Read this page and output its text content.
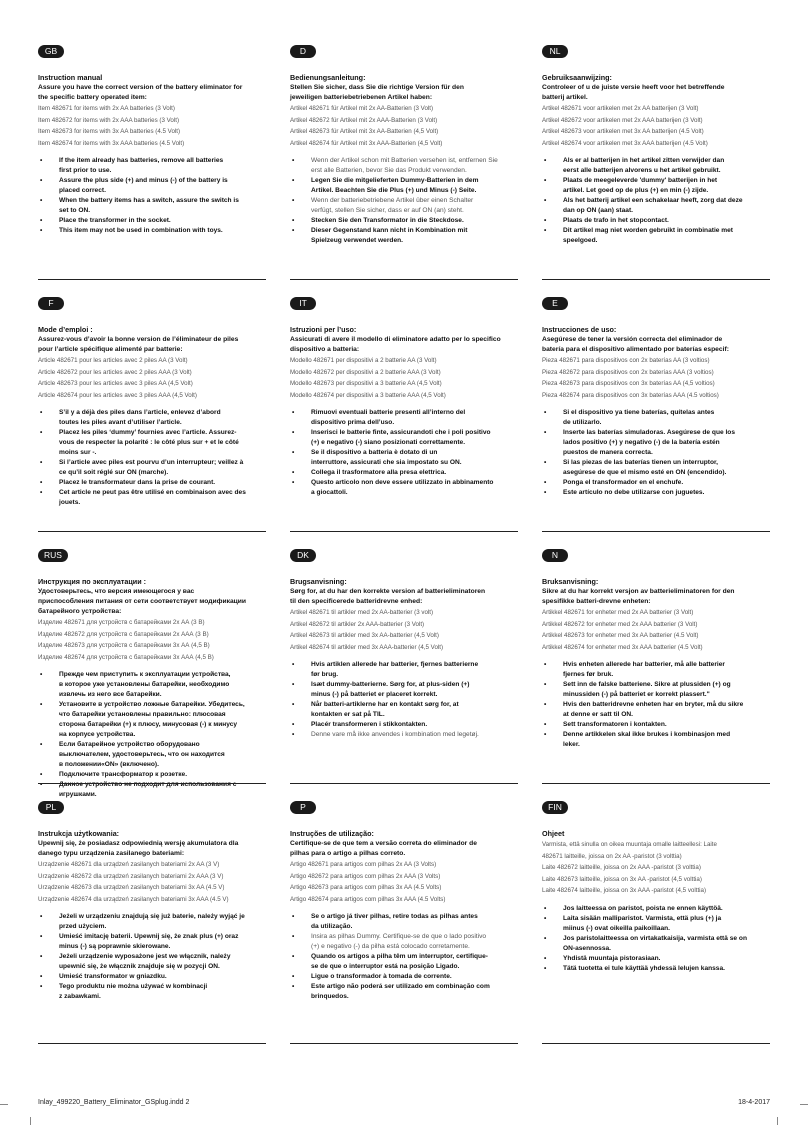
GB
Instruction manual
Assure you have the correct version of the battery eliminator for
the specific battery operated item:
Item 482671 for items with 2x AA batteries (3 Volt)
Item 482672 for items with 2x AAA batteries (3 Volt)
Item 482673 for items with 3x AA batteries (4.5 Volt)
Item 482674 for items with 3x AAA batteries (4.5 Volt)
• If the item already has batteries, remove all batteries
first prior to use.
• Assure the plus side (+) and minus (-) of the battery is
placed correct.
• When the battery items has a switch, assure the switch is
set to ON.
• Place the transformer in the socket.
• This item may not be used in combination with toys.
D
Bedienungsanleitung:
Stellen Sie sicher, dass Sie die richtige Version für den
jeweiligen batteriebetriebenen Artikel haben:
Artikel 482671 für Artikel mit 2x AA-Batterien (3 Volt)
Artikel 482672 für Artikel mit 2x AAA-Batterien (3 Volt)
Artikel 482673 für Artikel mit 3x AA-Batterien (4,5 Volt)
Artikel 482674 für Artikel mit 3x AAA-Batterien (4,5 Volt)
• Wenn der Artikel schon mit Batterien versehen ist, entfernen Sie
erst alle Batterien, bevor Sie das Produkt verwenden.
• Legen Sie die mitgelieferten Dummy-Batterien in dem
Artikel. Beachten Sie die Plus (+) und Minus (-) Seite.
• Wenn der batteriebetriebene Artikel über einen Schalter
verfügt, stellen Sie sicher, dass er auf ON (an) steht.
• Stecken Sie den Transformator in die Steckdose.
• Dieser Gegenstand kann nicht in Kombination mit
Spielzeug verwendet werden.
NL
Gebruiksaanwijzing:
Controleer of u de juiste versie heeft voor het betreffende
batterij artikel.
Artikel 482671 voor artikelen met 2x AA batterijen (3 Volt)
Artikel 482672 voor artikelen met 2x AAA batterijen (3 Volt)
Artikel 482673 voor artikelen met 3x AA batterijen (4.5 Volt)
Artikel 482674 voor artikelen met 3x AAA batterijen (4.5 Volt)
• Als er al batterijen in het artikel zitten verwijder dan
eerst alle batterijen alvorens u het artikel gebruikt.
• Plaats de meegeleverde 'dummy' batterijen in het
artikel. Let goed op de plus (+) en min (-) zijde.
• Als het batterij artikel een schakelaar heeft, zorg dat deze
dan op ON (aan) staat.
• Plaats de trafo in het stopcontact.
• Dit artikel mag niet worden gebruikt in combinatie met
speelgoed.
F
Mode d’emploi :
Assurez-vous d’avoir la bonne version de l’éliminateur de piles
pour l’article spécifique alimenté par batterie:
Article 482671 pour les articles avec 2 piles AA (3 Volt)
Article 482672 pour les articles avec 2 piles AAA (3 Volt)
Article 482673 pour les articles avec 3 piles AA (4,5 Volt)
Article 482674 pour les articles avec 3 piles AAA (4,5 Volt)
• S’il y a déjà des piles dans l’article, enlevez d’abord
toutes les piles avant d’utiliser l’article.
• Placez les piles ‘dummy’ fournies avec l’article. Assurez-
vous de respecter la polarité : le côté plus sur + et le côté
moins sur -.
• Si l’article avec piles est pourvu d’un interrupteur; veillez à
ce qu’il soit réglé sur ON (marche).
• Placez le transformateur dans la prise de courant.
• Cet article ne peut pas être utilisé en combinaison avec des
jouets.
IT
Istruzioni per l’uso:
Assicurati di avere il modello di eliminatore adatto per lo specifico
dispositivo a batteria:
Modello 482671 per dispositivi a 2 batterie AA (3 Volt)
Modello 482672 per dispositivi a 2 batterie AAA (3 Volt)
Modello 482673 per dispositivi a 3 batterie AA (4,5 Volt)
Modello 482674 per dispositivi a 3 batterie AAA (4,5 Volt)
• Rimuovi eventuali batterie presenti all’interno del
dispositivo prima dell’uso.
• Inserisci le batterie finte, assicurandoti che i poli positivo
(+) e negativo (-) siano posizionati correttamente.
• Se il dispositivo a batteria è dotato di un
interruttore, assicurati che sia impostato su ON.
• Collega il trasformatore alla presa elettrica.
• Questo articolo non deve essere utilizzato in abbinamento
a giocattoli.
E
Instrucciones de uso:
Asegúrese de tener la versión correcta del eliminador de
batería para el dispositivo alimentado por baterías especif:
Pieza 482671 para dispositivos con 2x baterías AA (3 voltios)
Pieza 482672 para dispositivos con 2x baterías AAA (3 voltios)
Pieza 482673 para dispositivos con 3x baterías AA (4,5 voltios)
Pieza 482674 para dispositivos con 3x baterías AAA (4.5 voltios)
• Si el dispositivo ya tiene baterías, quítelas antes
de utilizarlo.
• Inserte las baterías simuladoras. Asegúrese de que los
lados positivo (+) y negativo (-) de la batería estén
puestos de manera correcta.
• Si las piezas de las baterías tienen un interruptor,
asegúrese de que el mismo esté en ON (encendido).
• Ponga el transformador en el enchufe.
• Este artículo no debe utilizarse con juguetes.
RUS
Инструкция по эксплуатации :
Удостоверьтесь, что версия имеющегося у вас
приспособления питания от сети соответствует модификации
батарейного устройства:
Изделие 482671 для устройств с батарейками 2х АА (3 В)
Изделие 482672 для устройств с батарейками 2х ААА (3 В)
Изделие 482673 для устройств с батарейками 3х АА (4,5 В)
Изделие 482674 для устройств с батарейками 3х ААА (4,5 В)
• Прежде чем приступить к эксплуатации устройства,
в которое уже установлены батарейки, необходимо
извлечь из него все батарейки.
• Установите в устройство ложные батарейки. Убедитесь,
что батарейки установлены правильно: плюсовая
сторона батарейки (+) к плюсу, минусовая (-) к минусу
на корпусе устройства.
• Если батарейное устройство оборудовано
выключателем, удостоверьтесь, что он находится
в положении«ON» (включено).
• Подключите трансформатор к розетке.
• Данное устройство не подходит для использования с
игрушками.
DK
Brugsanvisning:
Sørg for, at du har den korrekte version af batterieliminatoren
til den specificerede batteridrevne enhed:
Artikel 482671 til artikler med 2x AA-batterier (3 volt)
Artikel 482672 til artikler 2x AAA-batterier (3 Volt)
Artikel 482673 til artikler med 3x AA-batterier (4,5 Volt)
Artikel 482674 til artikler med 3x AAA-batterier (4,5 Volt)
• Hvis artiklen allerede har batterier, fjernes batterierne
før brug.
• Isæt dummy-batterierne. Sørg for, at plus-siden (+)
minus (-) på batteriet er placeret korrekt.
• Når batteri-artiklerne har en kontakt sørg for, at
kontakten er sat på TIL.
• Placér transformeren i stikkontakten.
• Denne vare må ikke anvendes i kombination med legetøj.
N
Bruksanvisning:
Sikre at du har korrekt versjon av batterieliminatoren for den
spesifikke batteri-drevne enheten:
Artikkel 482671 for enheter med 2x AA batterier (3 Volt)
Artikkel 482672 for enheter med 2x AAA batterier (3 Volt)
Artikkel 482673 for enheter med 3x AA batterier (4.5 Volt)
Artikkel 482674 for enheter med 3x AAA batterier (4.5 Volt)
• Hvis enheten allerede har batterier, må alle batterier
fjernes før bruk.
• Sett inn de falske batteriene. Sikre at plussiden (+) og
minussiden (-) på batteriet er korrekt plassert."
• Hvis den batteridrevne enheten har en bryter, må du sikre
at denne er satt til ON.
• Sett transformatoren i kontakten.
• Denne artikkelen skal ikke brukes i kombinasjon med
leker.
PL
Instrukcja użytkowania:
Upewnij się, że posiadasz odpowiednią wersję akumulatora dla
danego typu urządzenia zasilanego bateriami:
Urządzenie 482671 dla urządzeń zasilanych bateriami 2x AA (3 V)
Urządzenie 482672 dla urządzeń zasilanych bateriami 2x AAA (3 V)
Urządzenie 482673 dla urządzeń zasilanych bateriami 3x AA (4.5 V)
Urządzenie 482674 dla urządzeń zasilanych bateriami 3x AAA (4.5 V)
• Jeżeli w urządzeniu znajdują się już baterie, należy wyjąć je
przed użyciem.
• Umieść imitację baterii. Upewnij się, że znak plus (+) oraz
minus (-) są poprawnie skierowane.
• Jeżeli urządzenie wyposażone jest we włącznik, należy
upewnić się, że włącznik znajduje się w pozycji ON.
• Umieść transformator w gniazdku.
• Tego produktu nie można używać w kombinacji
z zabawkami.
P
Instruções de utilização:
Certifique-se de que tem a versão correta do eliminador de
pilhas para o artigo a pilhas correto.
Artigo 482671 para artigos com pilhas 2x AA (3 Volts)
Artigo 482672 para artigos com pilhas 2x AAA (3 Volts)
Artigo 482673 para artigos com pilhas 3x AA (4.5 Volts)
Artigo 482674 para artigos com pilhas 3x AAA (4.5 Volts)
• Se o artigo já tiver pilhas, retire todas as pilhas antes
da utilização.
• Insira as pilhas Dummy. Certifique-se de que o lado positivo
(+) e negativo (-) da pilha está colocado corretamente.
• Quando os artigos a pilha têm um interruptor, certifique-
se de que o interruptor está na posição Ligado.
• Ligue o transformador à tomada de corrente.
• Este artigo não poderá ser utilizado em combinação com
brinquedos.
FIN
Ohjeet
Varmista, että sinulla on oikea muuntaja omalle laitteellesi: Laite
482671 laitteille, joissa on 2x AA -paristot (3 volttia)
Laite 482672 laitteille, joissa on 2x AAA -paristot (3 volttia)
Laite 482673 laitteille, joissa on 3x AA -paristot (4,5 volttia)
Laite 482674 laitteille, joissa on 3x AAA -paristot (4,5 volttia)
• Jos laitteessa on paristot, poista ne ennen käyttöä.
• Laita sisään malliparistot. Varmista, että plus (+) ja
miinus (-) ovat oikeilla paikoillaan.
• Jos paristolaitteessa on virtakatkaisija, varmista että se on
ON-asennossa.
• Yhdistä muuntaja pistorasiaan.
• Tätä tuotetta ei tule käyttää yhdessä lelujen kanssa.
Inlay_499220_Battery_Eliminator_GSplug.indd 2	18-4-2017
